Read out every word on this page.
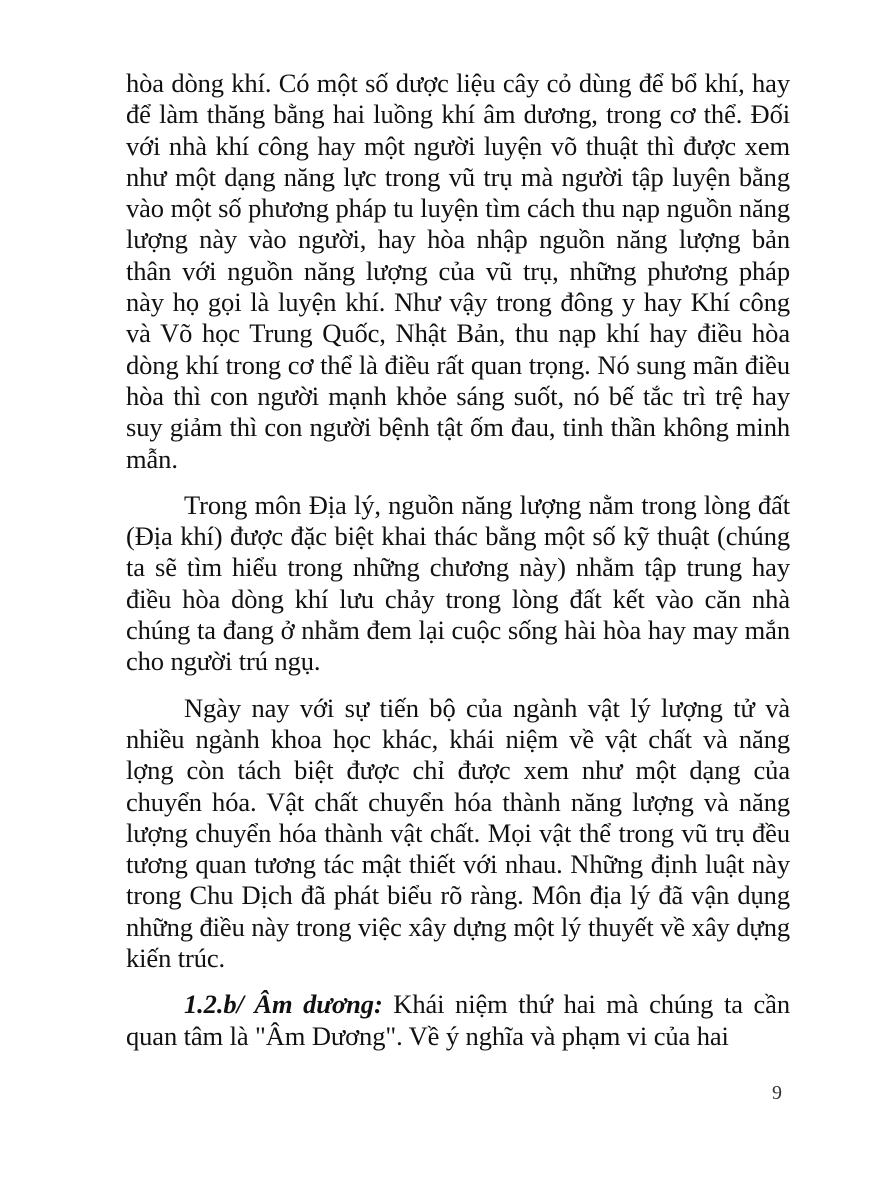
hòa dòng khí. Có một số dược liệu cây cỏ dùng để bổ khí, hay để làm thăng bằng hai luồng khí âm dương, trong cơ thể. Đối với nhà khí công hay một người luyện võ thuật thì được xem như một dạng năng lực trong vũ trụ mà người tập luyện bằng vào một số phương pháp tu luyện tìm cách thu nạp nguồn năng lượng này vào người, hay hòa nhập nguồn năng lượng bản thân với nguồn năng lượng của vũ trụ, những phương pháp này họ gọi là luyện khí. Như vậy trong đông y hay Khí công và Võ học Trung Quốc, Nhật Bản, thu nạp khí hay điều hòa dòng khí trong cơ thể là điều rất quan trọng. Nó sung mãn điều hòa thì con người mạnh khỏe sáng suốt, nó bế tắc trì trệ hay suy giảm thì con người bệnh tật ốm đau, tinh thần không minh mẫn.

Trong môn Địa lý, nguồn năng lượng nằm trong lòng đất (Địa khí) được đặc biệt khai thác bằng một số kỹ thuật (chúng ta sẽ tìm hiểu trong những chương này) nhằm tập trung hay điều hòa dòng khí lưu chảy trong lòng đất kết vào căn nhà chúng ta đang ở nhằm đem lại cuộc sống hài hòa hay may mắn cho người trú ngụ.

Ngày nay với sự tiến bộ của ngành vật lý lượng tử và nhiều ngành khoa học khác, khái niệm về vật chất và năng lợng còn tách biệt được chỉ được xem như một dạng của chuyển hóa. Vật chất chuyển hóa thành năng lượng và năng lượng chuyển hóa thành vật chất. Mọi vật thể trong vũ trụ đều tương quan tương tác mật thiết với nhau. Những định luật này trong Chu Dịch đã phát biểu rõ ràng. Môn địa lý đã vận dụng những điều này trong việc xây dựng một lý thuyết về xây dựng kiến trúc.

1.2.b/ Âm dương: Khái niệm thứ hai mà chúng ta cần quan tâm là "Âm Dương". Về ý nghĩa và phạm vi của hai

9
